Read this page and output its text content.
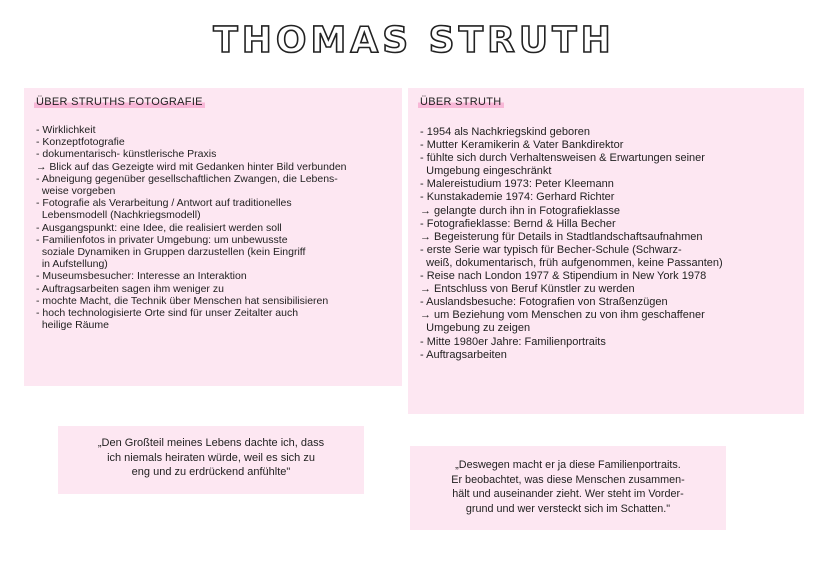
THOMAS STRUTH
ÜBER STRUTHS FOTOGRAFIE
- Wirklichkeit
- Konzeptfotografie
- dokumentarisch- künstlerische Praxis
→ Blick auf das Gezeigte wird mit Gedanken hinter Bild verbunden
- Abneigung gegenüber gesellschaftlichen Zwangen, die Lebens-
weise vorgeben
- Fotografie als Verarbeitung / Antwort auf traditionelles
Lebensmodell (Nachkriegsmodell)
- Ausgangspunkt: eine Idee, die realisiert werden soll
- Familienfotos in privater Umgebung: um unbewusste
soziale Dynamiken in Gruppen darzustellen (kein Eingriff
in Aufstellung)
- Museumsbesucher: Interesse an Interaktion
- Auftragsarbeiten sagen ihm weniger zu
- mochte Macht, die Technik über Menschen hat sensibilisieren
- hoch technologisierte Orte sind für unser Zeitalter auch
heilige Räume
ÜBER STRUTH
- 1954 als Nachkriegskind geboren
- Mutter Keramikerin & Vater Bankdirektor
- fühlte sich durch Verhaltensweisen & Erwartungen seiner
Umgebung eingeschränkt
- Malereistudium 1973: Peter Kleemann
- Kunstakademie 1974: Gerhard Richter
→ gelangte durch ihn in Fotografieklasse
- Fotografieklasse: Bernd & Hilla Becher
→ Begeisterung für Details in Stadtlandschaftsaufnahmen
- erste Serie war typisch für Becher-Schule (Schwarz-
weiß, dokumentarisch, früh aufgenommen, keine Passanten)
- Reise nach London 1977 & Stipendium in New York 1978
→ Entschluss von Beruf Künstler zu werden
- Auslandsbesuche: Fotografien von Straßenzügen
→ um Beziehung vom Menschen zu von ihm geschaffener
Umgebung zu zeigen
- Mitte 1980er Jahre: Familienportraits
- Auftragsarbeiten
„Den Großteil meines Lebens dachte ich, dass
ich niemals heiraten würde, weil es sich zu
eng und zu erdrückend anfühlte"
„Deswegen macht er ja diese Familienportraits.
Er beobachtet, was diese Menschen zusammen-
hält und auseinander zieht. Wer steht im Vorder-
grund und wer versteckt sich im Schatten."
